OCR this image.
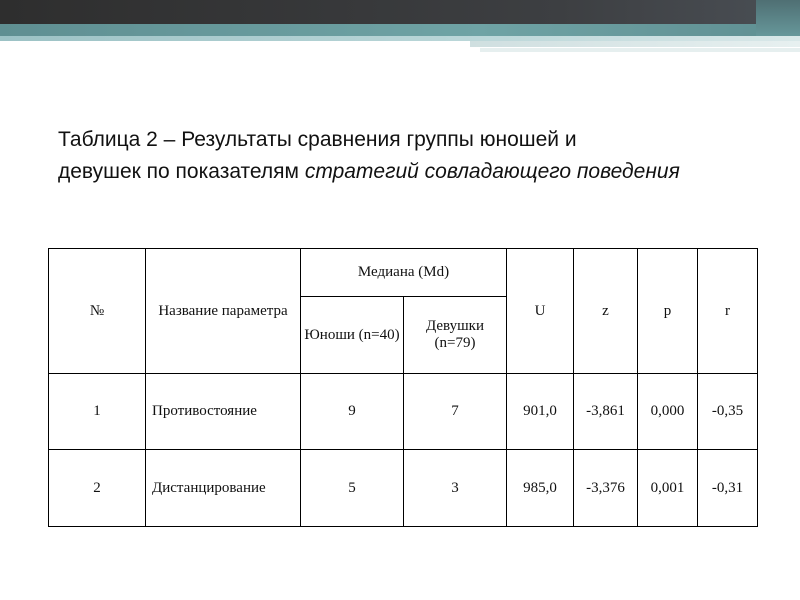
Таблица 2 – Результаты сравнения группы юношей и
девушек по показателям стратегий совладающего поведения
№	Название параметра	Медиана (Md)		U	z	p	r
		Юноши (n=40)	Девушки (n=79)				
1	Противостояние	9	7	901,0	-3,861	0,000	-0,35
2	Дистанцирование	5	3	985,0	-3,376	0,001	-0,31
